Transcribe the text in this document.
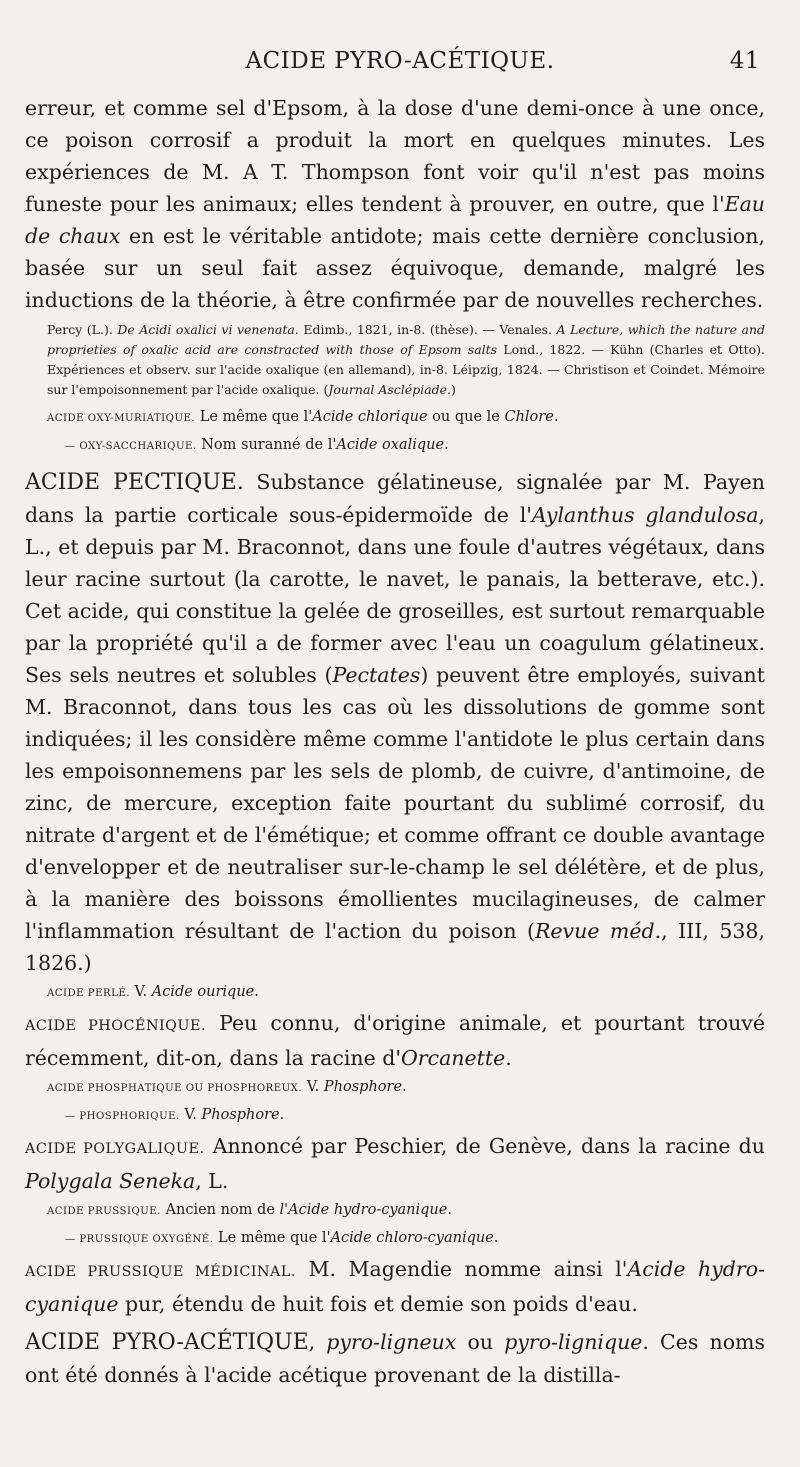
ACIDE PYRO-ACÉTIQUE.	41

erreur, et comme sel d'Epsom, à la dose d'une demi-once à une once, ce poison corrosif a produit la mort en quelques minutes. Les expériences de M. A T. Thompson font voir qu'il n'est pas moins funeste pour les animaux; elles tendent à prouver, en outre, que l'Eau de chaux en est le véritable antidote; mais cette dernière conclusion, basée sur un seul fait assez équivoque, demande, malgré les inductions de la théorie, à être confirmée par de nouvelles recherches.

Percy (L.). De Acidi oxalici vi venenata. Edimb., 1821, in-8. (thèse). — Venales. A Lecture, which the nature and proprieties of oxalic acid are constracted with those of Epsom salts Lond., 1822. — Kühn (Charles et Otto). Expériences et observ. sur l'acide oxalique (en allemand), in-8. Léipzig, 1824. — Christison et Coindet. Mémoire sur l'empoisonnement par l'acide oxalique. (Journal Asclépiade.)

ACIDE OXY-MURIATIQUE. Le même que l'Acide chlorique ou que le Chlore.

— OXY-SACCHARIQUE. Nom suranné de l'Acide oxalique.

ACIDE PECTIQUE. Substance gélatineuse, signalée par M. Payen dans la partie corticale sous-épidermoïde de l'Aylanthus glandulosa, L., et depuis par M. Braconnot, dans une foule d'autres végétaux, dans leur racine surtout (la carotte, le navet, le panais, la betterave, etc.). Cet acide, qui constitue la gelée de groseilles, est surtout remarquable par la propriété qu'il a de former avec l'eau un coagulum gélatineux. Ses sels neutres et solubles (Pectates) peuvent être employés, suivant M. Braconnot, dans tous les cas où les dissolutions de gomme sont indiquées; il les considère même comme l'antidote le plus certain dans les empoisonnemens par les sels de plomb, de cuivre, d'antimoine, de zinc, de mercure, exception faite pourtant du sublimé corrosif, du nitrate d'argent et de l'émétique; et comme offrant ce double avantage d'envelopper et de neutraliser sur-le-champ le sel délétère, et de plus, à la manière des boissons émollientes mucilagineuses, de calmer l'inflammation résultant de l'action du poison (Revue méd., III, 538, 1826.)

ACIDE PERLÉ. V. Acide ourique.

ACIDE PHOCÉNIQUE. Peu connu, d'origine animale, et pourtant trouvé récemment, dit-on, dans la racine d'Orcanette.

ACIDE PHOSPHATIQUE OU PHOSPHOREUX. V. Phosphore.

— PHOSPHORIQUE. V. Phosphore.

ACIDE POLYGALIQUE. Annoncé par Peschier, de Genève, dans la racine du Polygala Seneka, L.

ACIDE PRUSSIQUE. Ancien nom de l'Acide hydro-cyanique.

— PRUSSIQUE OXYGÉNÉ. Le même que l'Acide chloro-cyanique.

ACIDE PRUSSIQUE MÉDICINAL. M. Magendie nomme ainsi l'Acide hydro-cyanique pur, étendu de huit fois et demie son poids d'eau.

ACIDE PYRO-ACÉTIQUE, pyro-ligneux ou pyro-lignique. Ces noms ont été donnés à l'acide acétique provenant de la distilla-
